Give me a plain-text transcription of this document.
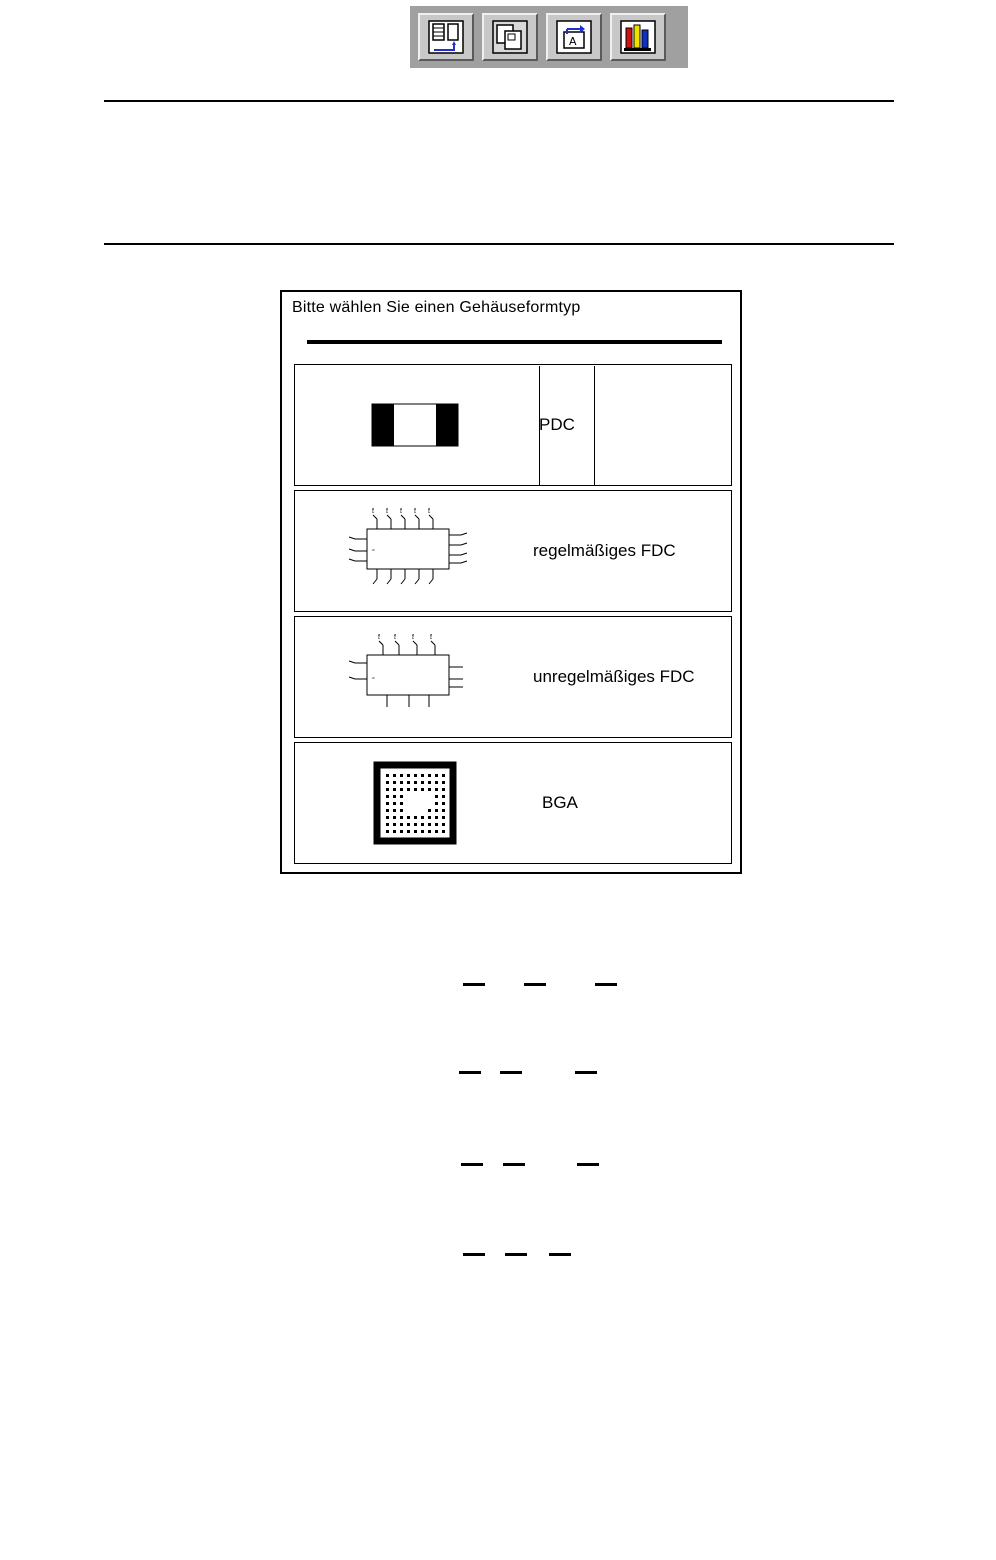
A
Bitte wählen Sie einen Gehäuseformtyp
PDC
PIN	PIN	PIN	PIN	PIN
IC	regelmäßiges FDC
PIN	PIN	PIN	PIN
IC	unregelmäßiges FDC
BGA
